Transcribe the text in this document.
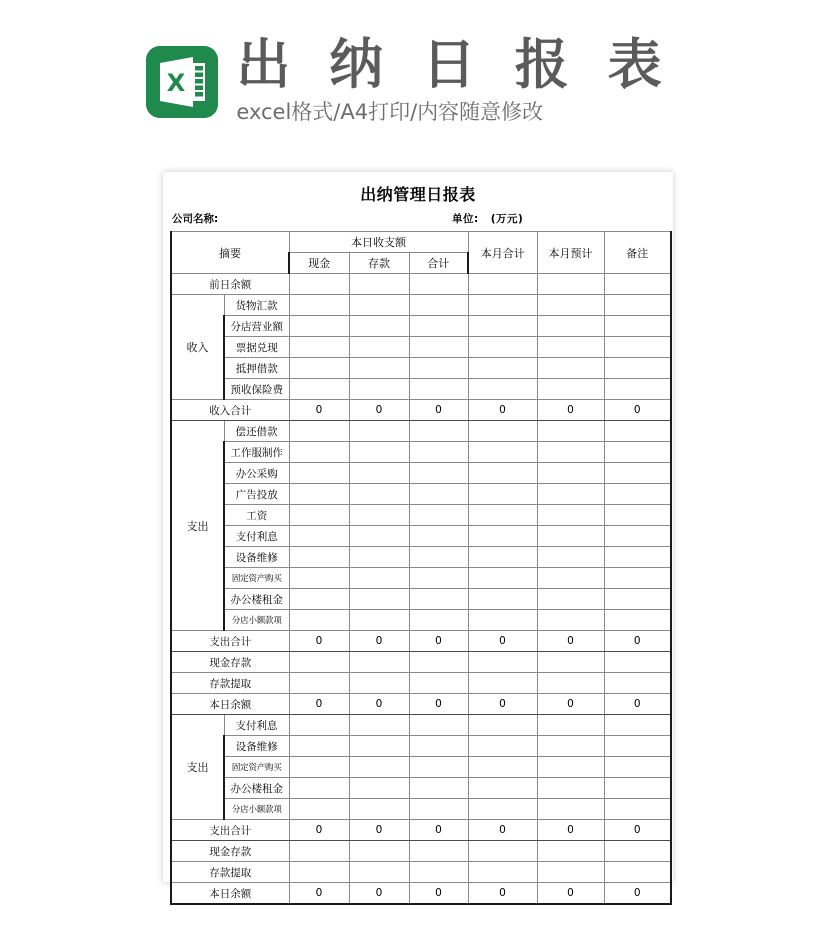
X 出 纳 日 报 表
excel格式/A4打印/内容随意修改
出纳管理日报表
公司名称:	单位: (万元)
摘要		本日收支额			本月合计	本月预计	备注
		现金	存款	合计			
前日余额							
收入	货物汇款						
	分店营业额						
	票据兑现						
	抵押借款						
	预收保险费						
收入合计		0	0	0	0	0	0
支出	偿还借款						
	工作服制作						
	办公采购						
	广告投放						
	工资						
	支付利息						
	设备维修						
	固定资产购买						
	办公楼租金						
	分店小额款项						
支出合计		0	0	0	0	0	0
现金存款							
存款提取							
本日余额		0	0	0	0	0	0
支出	支付利息						
	设备维修						
	固定资产购买						
	办公楼租金						
	分店小额款项						
支出合计		0	0	0	0	0	0
现金存款							
存款提取							
本日余额		0	0	0	0	0	0
